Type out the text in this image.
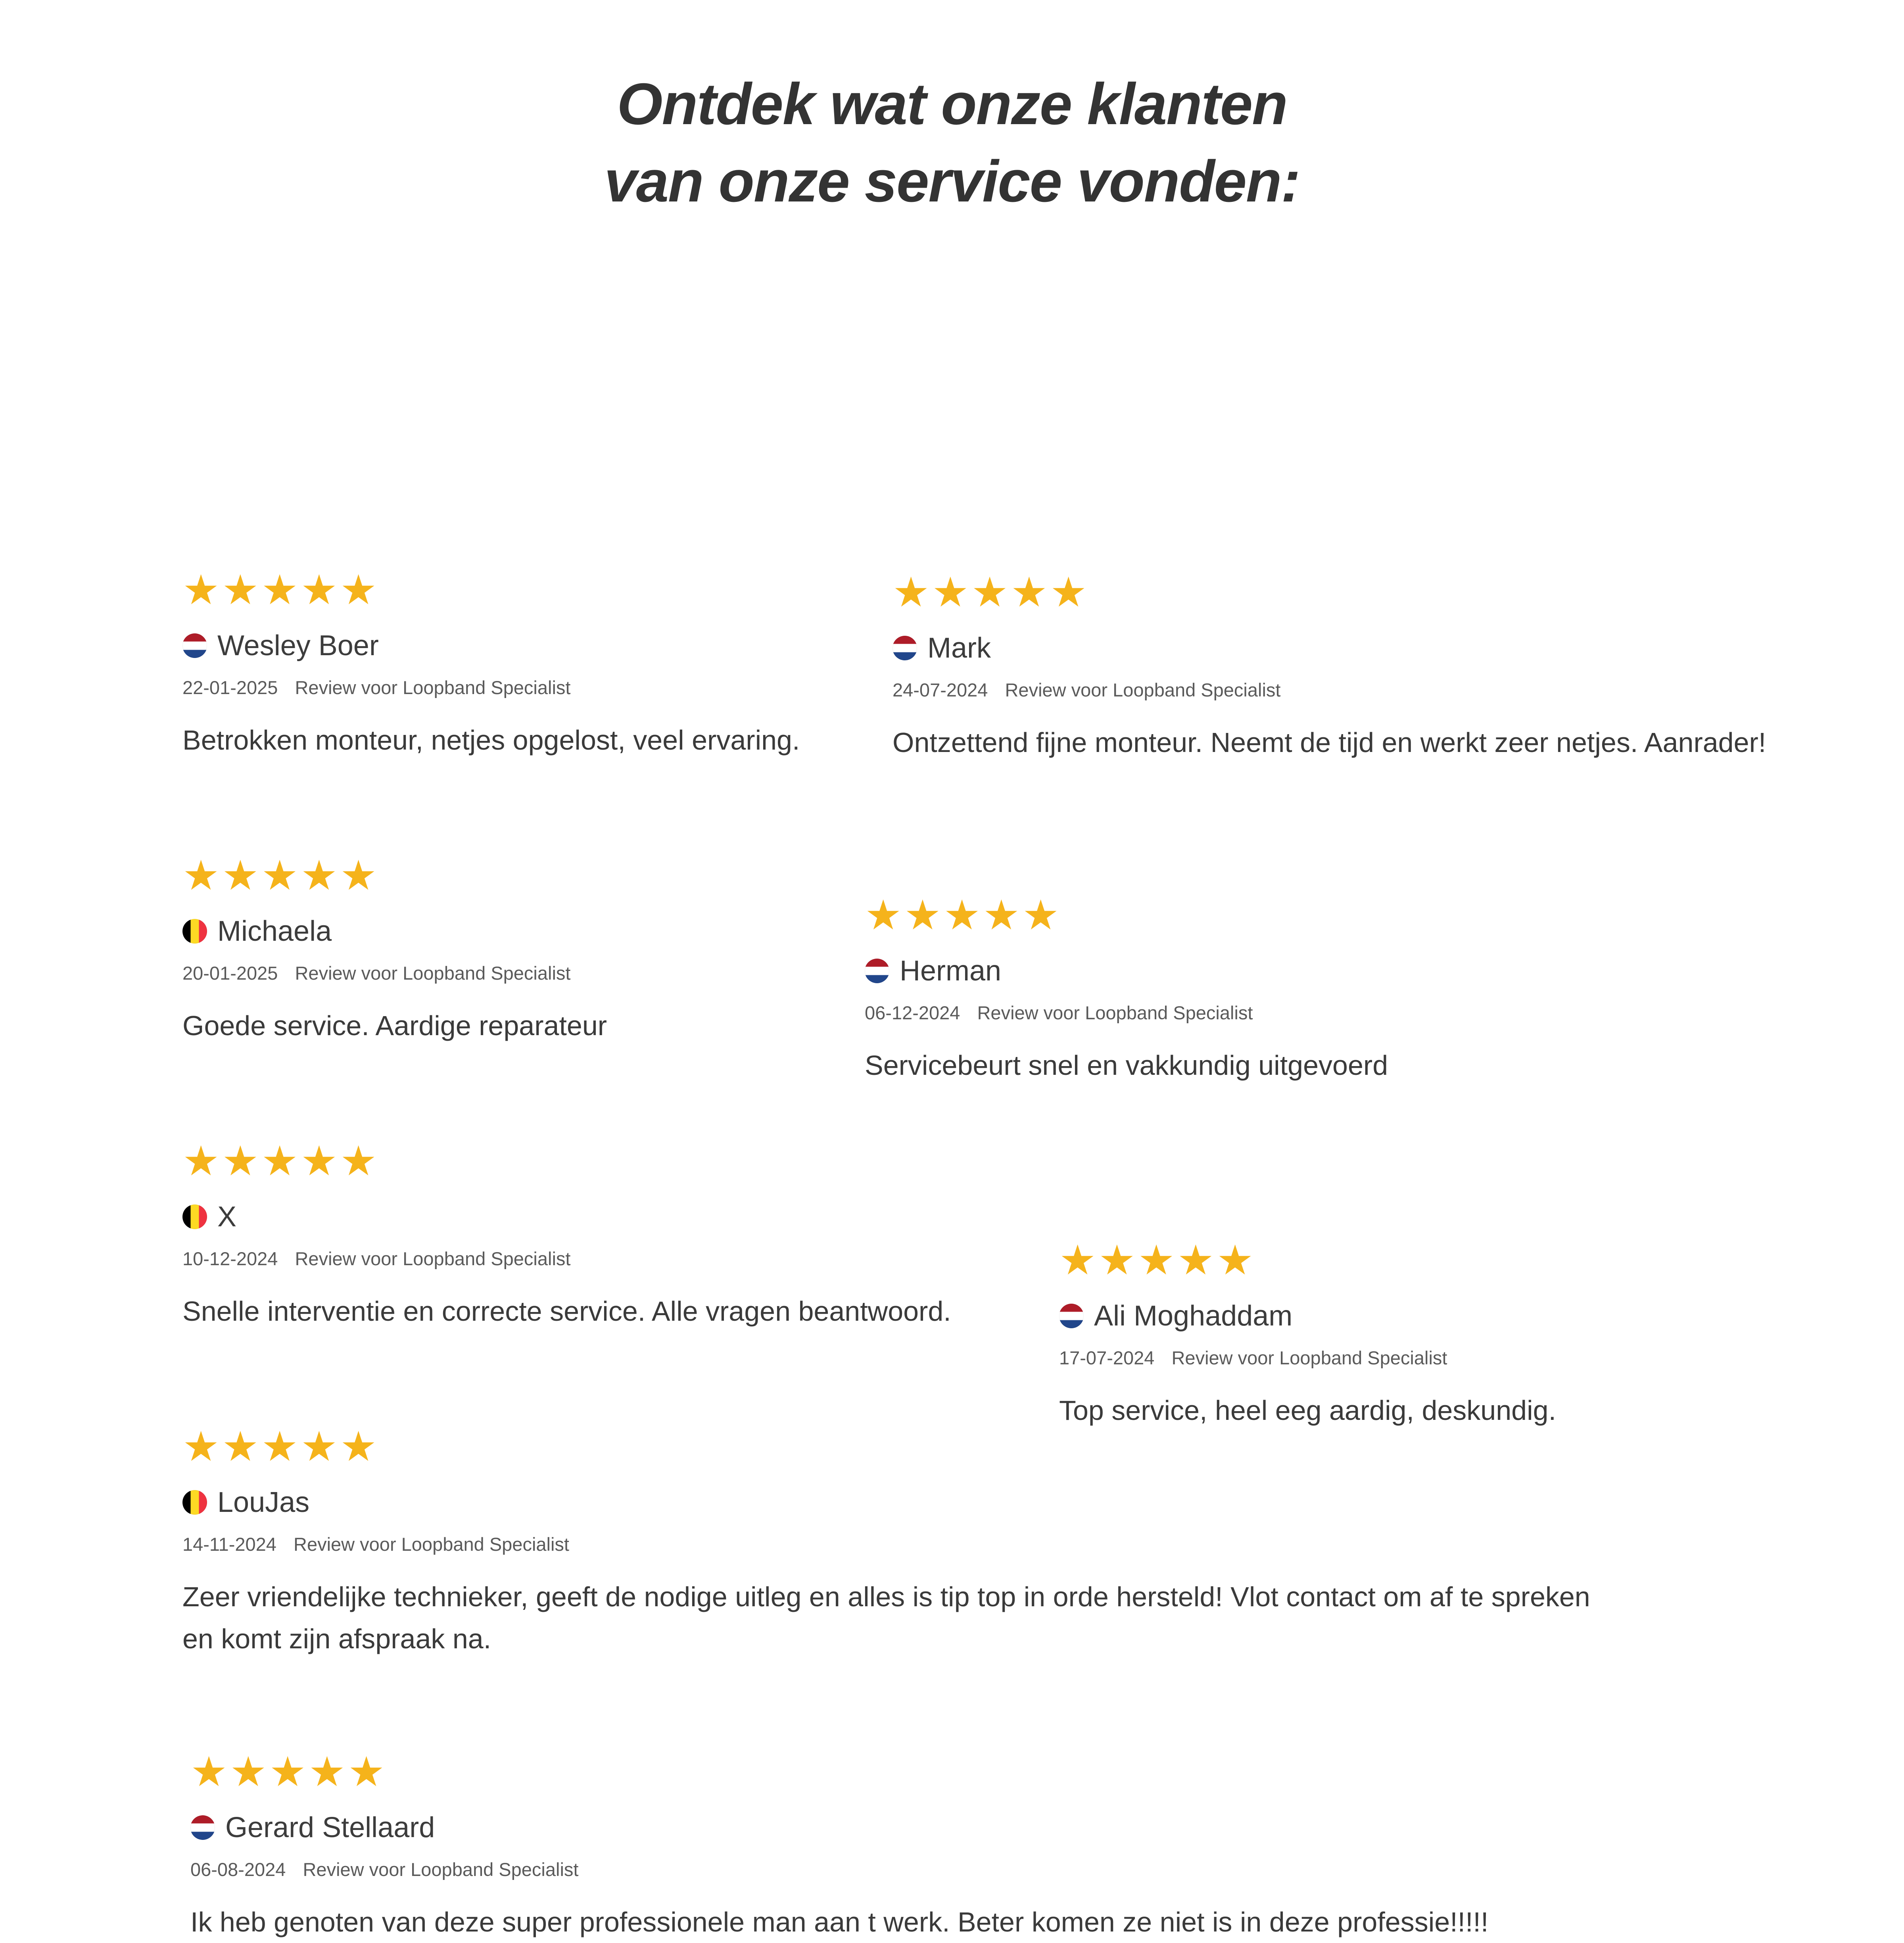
Ontdek wat onze klanten
van onze service vonden:
★★★★★
Wesley Boer
22-01-2025 Review voor Loopband Specialist
Betrokken monteur, netjes opgelost, veel ervaring.
★★★★★
Mark
24-07-2024 Review voor Loopband Specialist
Ontzettend fijne monteur. Neemt de tijd en werkt zeer netjes. Aanrader!
★★★★★
Michaela
20-01-2025 Review voor Loopband Specialist
Goede service. Aardige reparateur
★★★★★
Herman
06-12-2024 Review voor Loopband Specialist
Servicebeurt snel en vakkundig uitgevoerd
★★★★★
X
10-12-2024 Review voor Loopband Specialist
Snelle interventie en correcte service. Alle vragen beantwoord.
★★★★★
Ali Moghaddam
17-07-2024 Review voor Loopband Specialist
Top service, heel eeg aardig, deskundig.
★★★★★
LouJas
14-11-2024 Review voor Loopband Specialist
Zeer vriendelijke technieker, geeft de nodige uitleg en alles is tip top in orde hersteld! Vlot contact om af te spreken en komt zijn afspraak na.
★★★★★
Gerard Stellaard
06-08-2024 Review voor Loopband Specialist
Ik heb genoten van deze super professionele man aan t werk. Beter komen ze niet is in deze professie!!!!!
